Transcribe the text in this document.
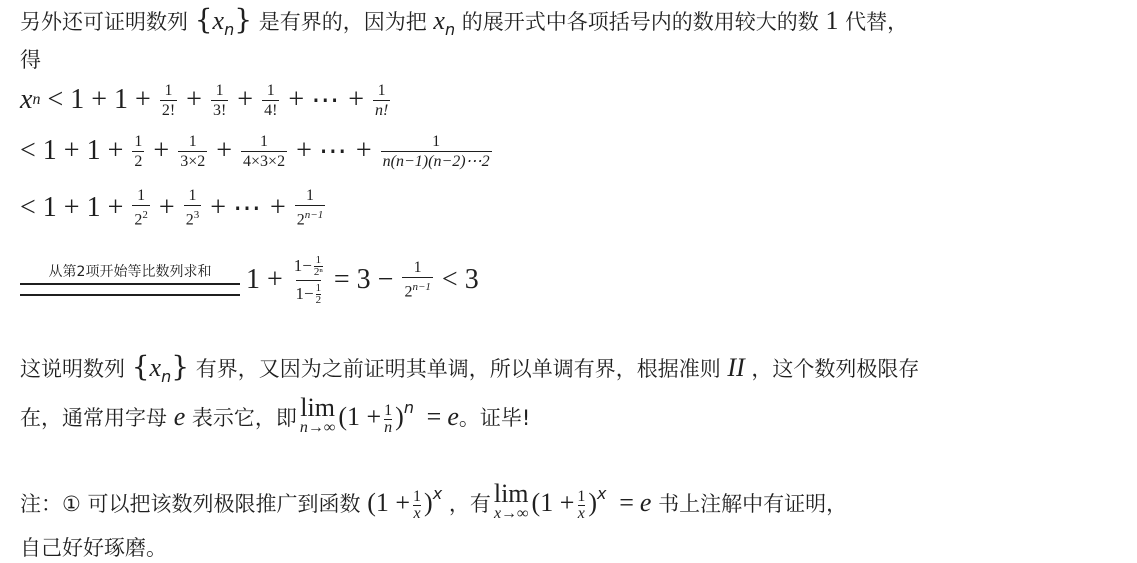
另外还可证明数列 $\{x_n\}$ 是有界的，因为把 $x_n$ 的展开式中各项括号内的数用较大的数 1 代替，
得
x $n < 1 + 1 + \frac{1}{2!} + \frac{1}{3!} + \frac{1}{4!}$ + ⋯ + $\frac{1}{n!}$
< $1 + 1 + \frac{1}{2} + \frac{1}{3\times 2} + \frac{1}{4\times 3\times 2}$ + ⋯ + $\frac{1}{n(n-1)(n-2)\cdots 2}$
< $1 + 1 + \frac{1}{2^2} + \frac{1}{2^3}$ + ⋯ + $\frac{1}{2^{n-1}}$
从第2项开始等比数列求和 $1 + \frac{1- \frac{1}{\text{2ⁿ}}}{1- \frac{1}{2}} = 3 - \frac{1}{2^{n-1}} < 3$
这说明数列 $\{x_n\}$ 有界，又因为之前证明其单调，所以单调有界，根据准则 II ，这个数列极限存
在，通常用字母 e 表示它，即 lim
n→∞ $(1 + \frac{1}{n} )^n = e$。证毕!
注：① 可以把该数列极限推广到函数 $(1 + \frac{1}{x} )^x$ ，有 lim
x→∞ $(1 + \frac{1}{x} )^x = e$ 书上注解中有证明，
自己好好琢磨。
